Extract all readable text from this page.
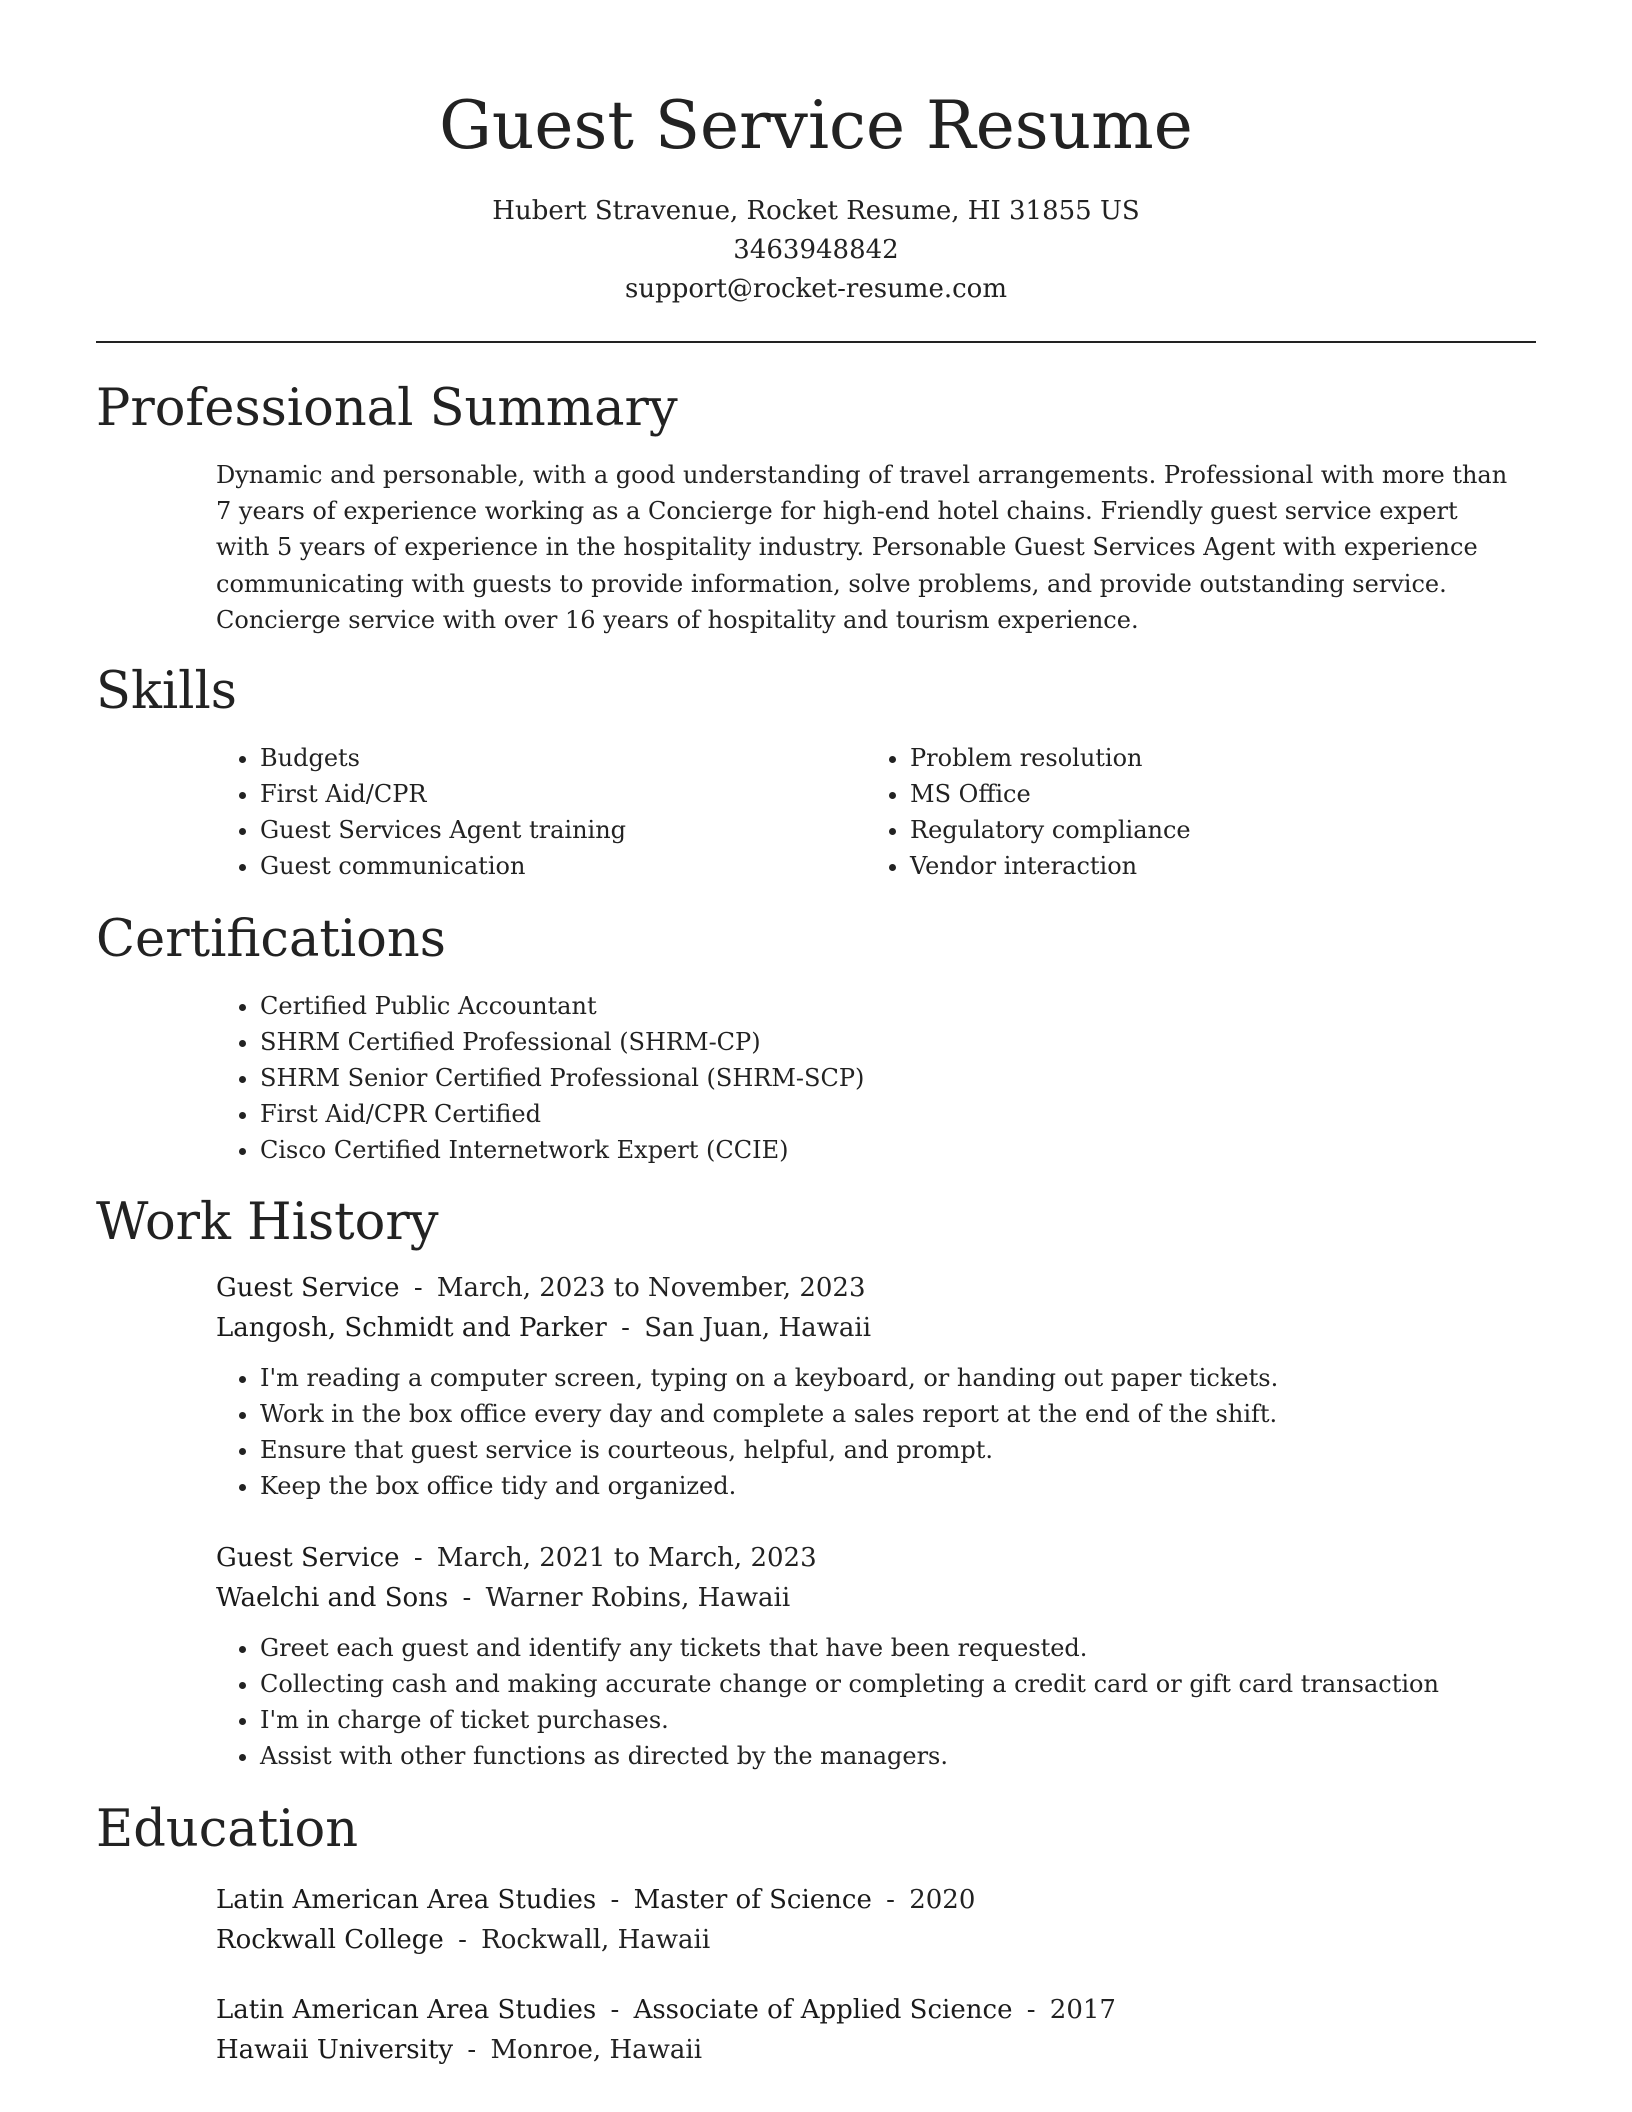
Guest Service Resume
Hubert Stravenue, Rocket Resume, HI 31855 US
3463948842
support@rocket-resume.com
Professional Summary
Dynamic and personable, with a good understanding of travel arrangements. Professional with more than 7 years of experience working as a Concierge for high-end hotel chains. Friendly guest service expert with 5 years of experience in the hospitality industry. Personable Guest Services Agent with experience communicating with guests to provide information, solve problems, and provide outstanding service. Concierge service with over 16 years of hospitality and tourism experience.
Skills
• Budgets
• First Aid/CPR
• Guest Services Agent training
• Guest communication
• Problem resolution
• MS Office
• Regulatory compliance
• Vendor interaction
Certifications
• Certified Public Accountant
• SHRM Certified Professional (SHRM-CP)
• SHRM Senior Certified Professional (SHRM-SCP)
• First Aid/CPR Certified
• Cisco Certified Internetwork Expert (CCIE)
Work History
Guest Service - March, 2023 to November, 2023
Langosh, Schmidt and Parker - San Juan, Hawaii
• I'm reading a computer screen, typing on a keyboard, or handing out paper tickets.
• Work in the box office every day and complete a sales report at the end of the shift.
• Ensure that guest service is courteous, helpful, and prompt.
• Keep the box office tidy and organized.
Guest Service - March, 2021 to March, 2023
Waelchi and Sons - Warner Robins, Hawaii
• Greet each guest and identify any tickets that have been requested.
• Collecting cash and making accurate change or completing a credit card or gift card transaction
• I'm in charge of ticket purchases.
• Assist with other functions as directed by the managers.
Education
Latin American Area Studies - Master of Science - 2020
Rockwall College - Rockwall, Hawaii
Latin American Area Studies - Associate of Applied Science - 2017
Hawaii University - Monroe, Hawaii
